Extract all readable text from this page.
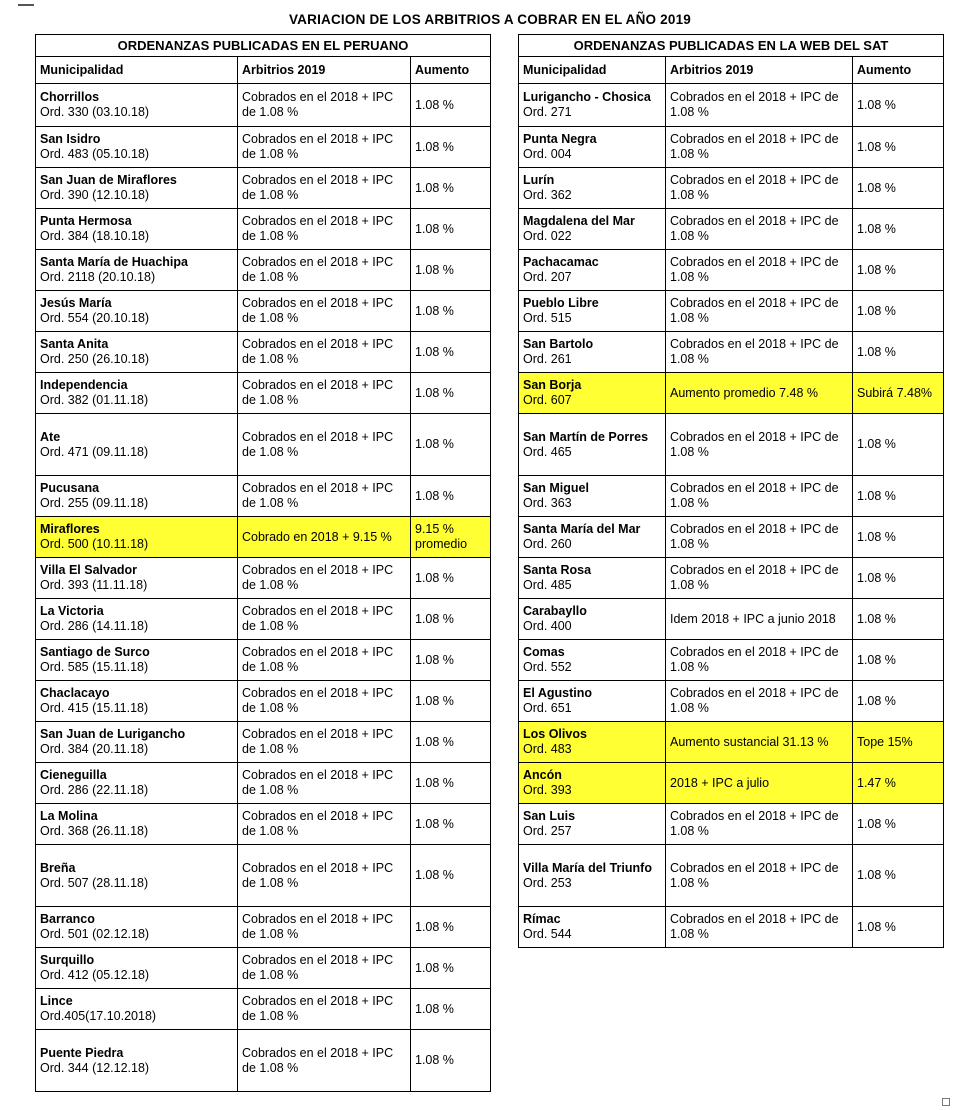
VARIACION DE LOS ARBITRIOS A COBRAR EN EL AÑO 2019
ORDENANZAS PUBLICADAS EN EL PERUANO		
Municipalidad	Arbitrios 2019	Aumento

Chorrillos
Ord. 330 (03.10.18)	Cobrados en el 2018 + IPC de 1.08 %	1.08 %

San Isidro
Ord. 483 (05.10.18)	Cobrados en el 2018 + IPC de 1.08 %	1.08 %

San Juan de Miraflores
Ord. 390 (12.10.18)	Cobrados en el 2018 + IPC de 1.08 %	1.08 %

Punta Hermosa
Ord. 384 (18.10.18)	Cobrados en el 2018 + IPC de 1.08 %	1.08 %

Santa María de Huachipa
Ord. 2118 (20.10.18)	Cobrados en el 2018 + IPC de 1.08 %	1.08 %

Jesús María
Ord. 554 (20.10.18)	Cobrados en el 2018 + IPC de 1.08 %	1.08 %

Santa Anita
Ord. 250 (26.10.18)	Cobrados en el 2018 + IPC de 1.08 %	1.08 %

Independencia
Ord. 382 (01.11.18)	Cobrados en el 2018 + IPC de 1.08 %	1.08 %

Ate
Ord. 471 (09.11.18)	Cobrados en el 2018 + IPC de 1.08 %	1.08 %

Pucusana
Ord. 255 (09.11.18)	Cobrados en el 2018 + IPC de 1.08 %	1.08 %

Miraflores
Ord. 500 (10.11.18)	Cobrado en 2018 + 9.15 %	9.15 % promedio

Villa El Salvador
Ord. 393 (11.11.18)	Cobrados en el 2018 + IPC de 1.08 %	1.08 %

La Victoria
Ord. 286 (14.11.18)	Cobrados en el 2018 + IPC de 1.08 %	1.08 %

Santiago de Surco
Ord. 585 (15.11.18)	Cobrados en el 2018 + IPC de 1.08 %	1.08 %

Chaclacayo
Ord. 415 (15.11.18)	Cobrados en el 2018 + IPC de 1.08 %	1.08 %

San Juan de Lurigancho
Ord. 384 (20.11.18)	Cobrados en el 2018 + IPC de 1.08 %	1.08 %

Cieneguilla
Ord. 286 (22.11.18)	Cobrados en el 2018 + IPC de 1.08 %	1.08 %

La Molina
Ord. 368 (26.11.18)	Cobrados en el 2018 + IPC de 1.08 %	1.08 %

Breña
Ord. 507 (28.11.18)	Cobrados en el 2018 + IPC de 1.08 %	1.08 %

Barranco
Ord. 501 (02.12.18)	Cobrados en el 2018 + IPC de 1.08 %	1.08 %

Surquillo
Ord. 412 (05.12.18)	Cobrados en el 2018 + IPC de 1.08 %	1.08 %

Lince
Ord.405(17.10.2018)	Cobrados en el 2018 + IPC de 1.08 %	1.08 %

Puente Piedra
Ord. 344 (12.12.18)	Cobrados en el 2018 + IPC de 1.08 %	1.08 %
ORDENANZAS PUBLICADAS EN LA WEB DEL SAT		
Municipalidad	Arbitrios 2019	Aumento

Lurigancho - Chosica
Ord. 271	Cobrados en el 2018 + IPC de 1.08 %	1.08 %

Punta Negra
Ord. 004	Cobrados en el 2018 + IPC de 1.08 %	1.08 %

Lurín
Ord. 362	Cobrados en el 2018 + IPC de 1.08 %	1.08 %

Magdalena del Mar
Ord. 022	Cobrados en el 2018 + IPC de 1.08 %	1.08 %

Pachacamac
Ord. 207	Cobrados en el 2018 + IPC de 1.08 %	1.08 %

Pueblo Libre
Ord. 515	Cobrados en el 2018 + IPC de 1.08 %	1.08 %

San Bartolo
Ord. 261	Cobrados en el 2018 + IPC de 1.08 %	1.08 %

San Borja
Ord. 607	Aumento promedio 7.48 %	Subirá 7.48%

San Martín de Porres
Ord. 465	Cobrados en el 2018 + IPC de 1.08 %	1.08 %

San Miguel
Ord. 363	Cobrados en el 2018 + IPC de 1.08 %	1.08 %

Santa María del Mar
Ord. 260	Cobrados en el 2018 + IPC de 1.08 %	1.08 %

Santa Rosa
Ord. 485	Cobrados en el 2018 + IPC de 1.08 %	1.08 %

Carabayllo
Ord. 400	Idem 2018 + IPC a junio 2018	1.08 %

Comas
Ord. 552	Cobrados en el 2018 + IPC de 1.08 %	1.08 %

El Agustino
Ord. 651	Cobrados en el 2018 + IPC de 1.08 %	1.08 %

Los Olivos
Ord. 483	Aumento sustancial 31.13 %	Tope 15%

Ancón
Ord. 393	2018 + IPC a julio	1.47 %

San Luis
Ord. 257	Cobrados en el 2018 + IPC de 1.08 %	1.08 %

Villa María del Triunfo
Ord. 253	Cobrados en el 2018 + IPC de 1.08 %	1.08 %

Rímac
Ord. 544	Cobrados en el 2018 + IPC de 1.08 %	1.08 %
